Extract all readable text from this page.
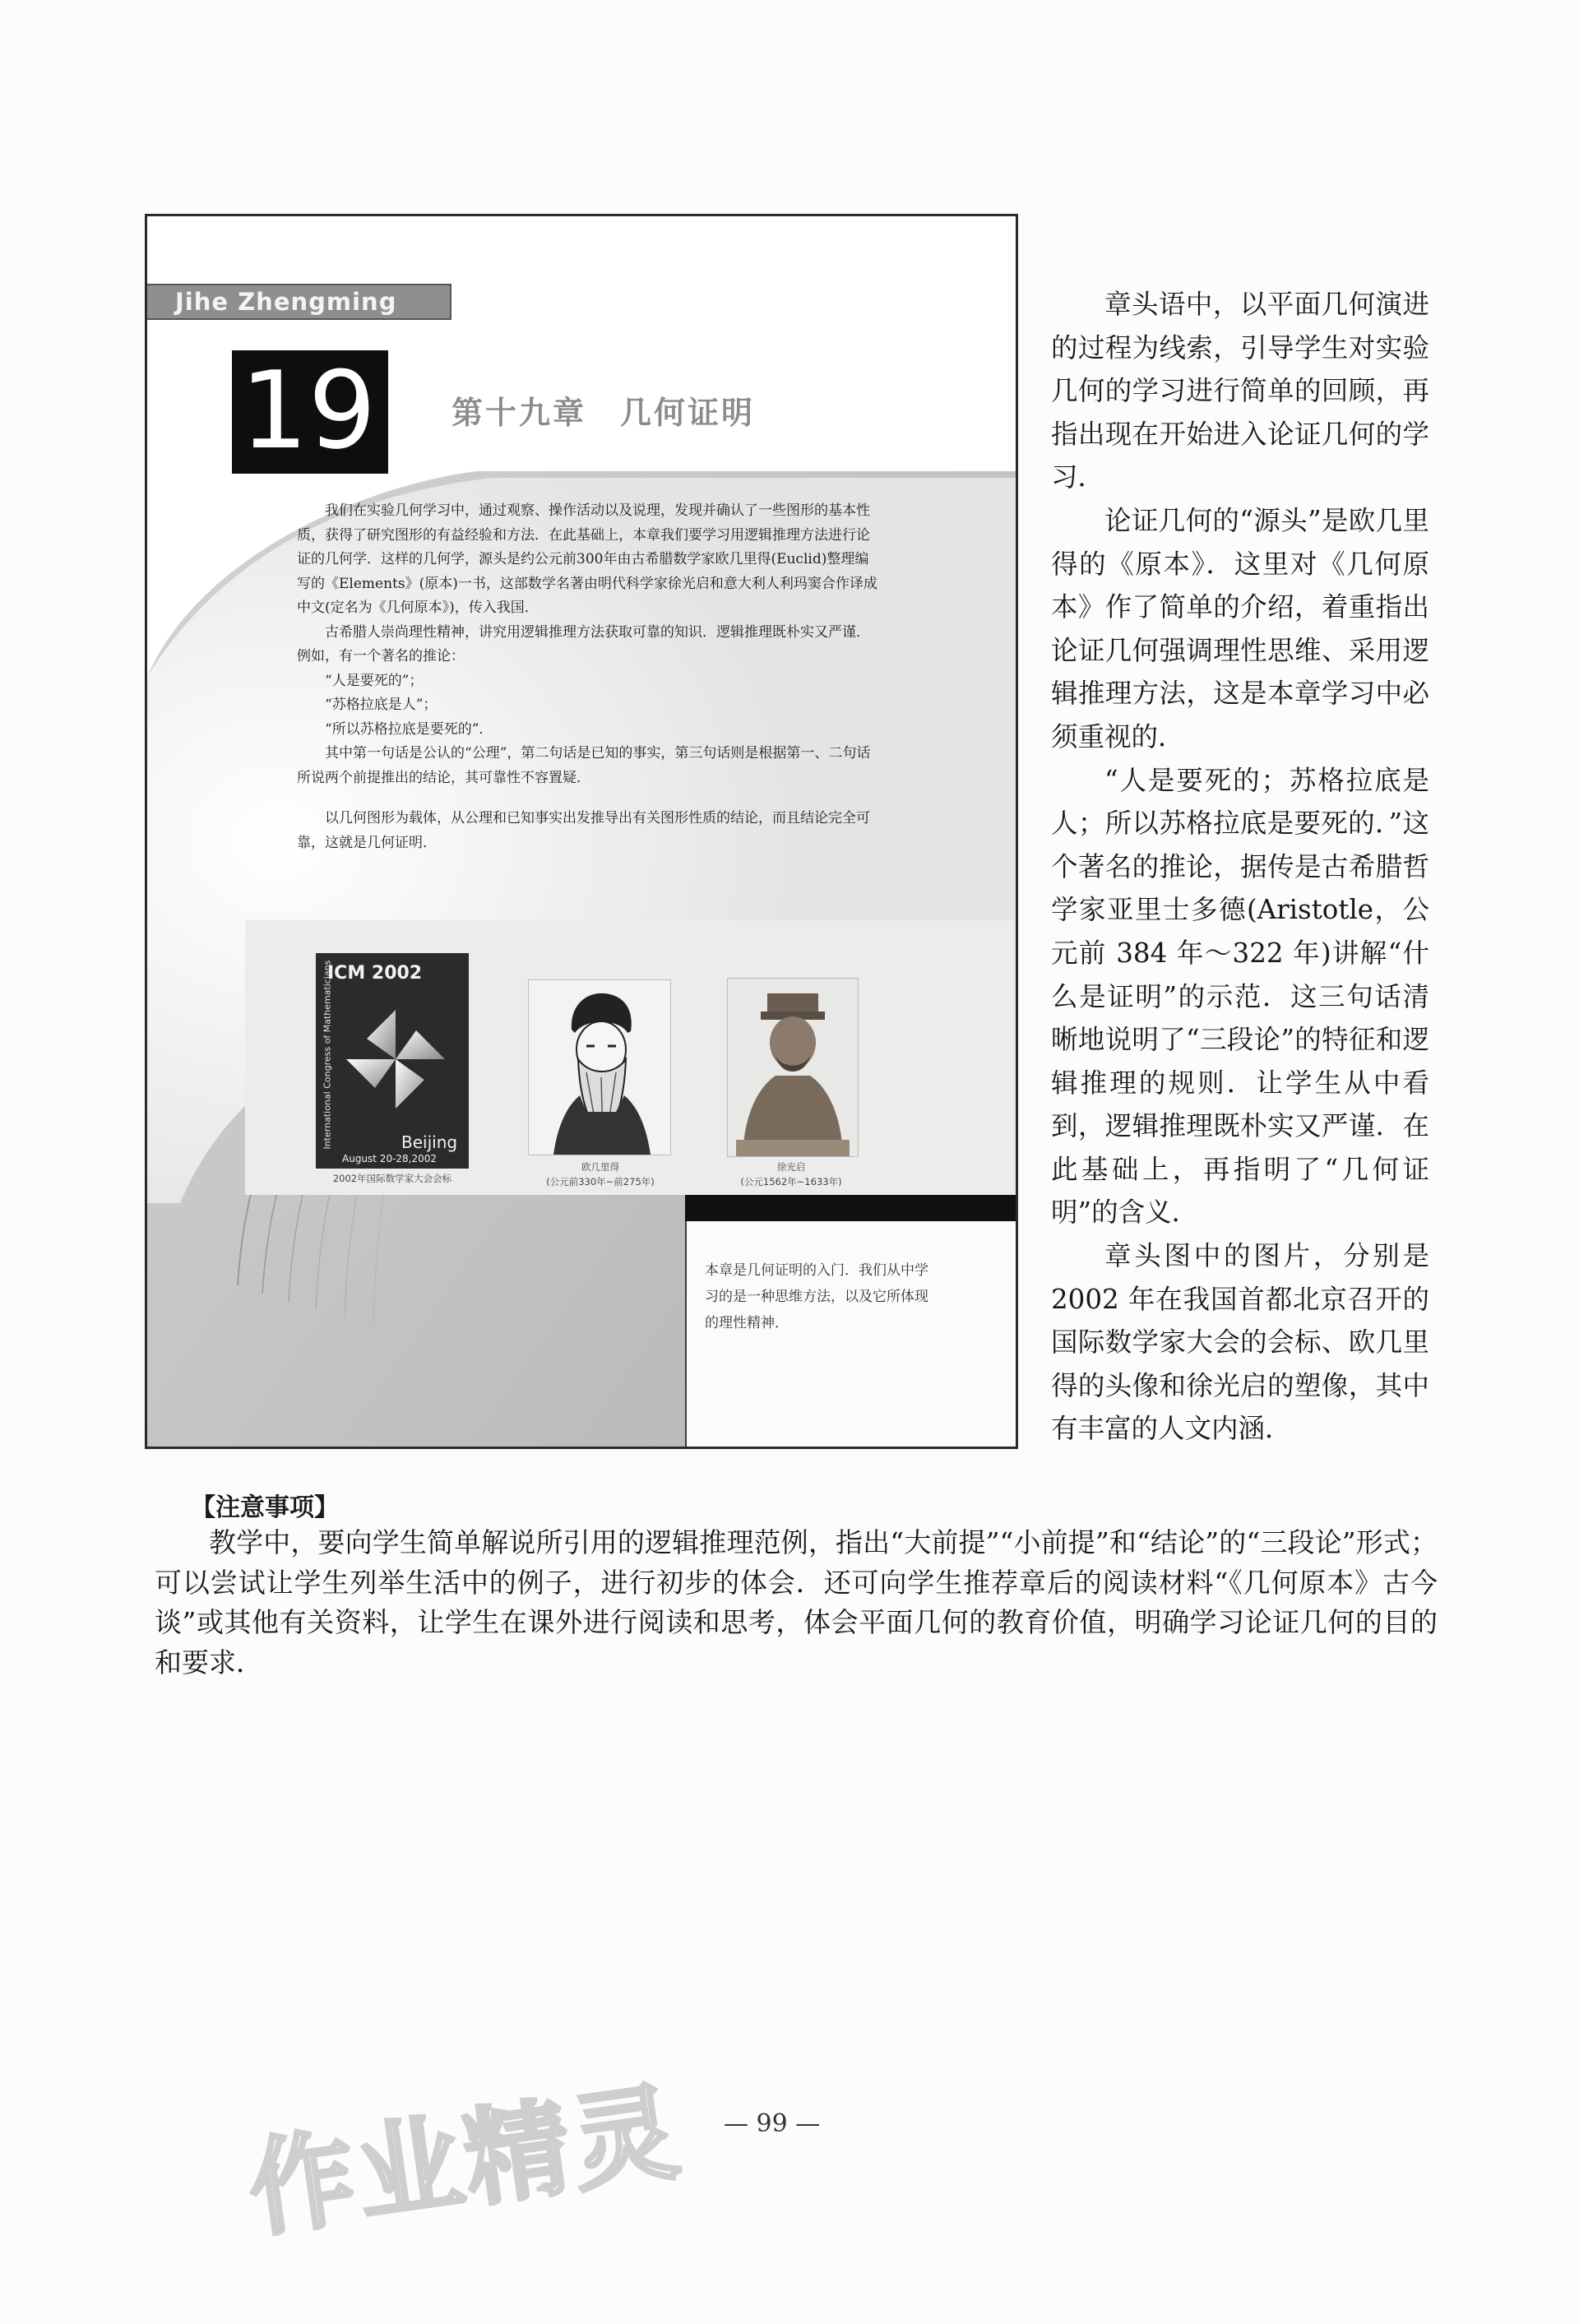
Jihe Zhengming
19 第十九章　几何证明

我们在实验几何学习中，通过观察、操作活动以及说理，发现并确认了一些图形的基本性质，获得了研究图形的有益经验和方法．在此基础上，本章我们要学习用逻辑推理方法进行论证的几何学．这样的几何学，源头是约公元前300年由古希腊数学家欧几里得(Euclid)整理编写的《Elements》(原本)一书，这部数学名著由明代科学家徐光启和意大利人利玛窦合作译成中文(定名为《几何原本》)，传入我国．

古希腊人崇尚理性精神，讲究用逻辑推理方法获取可靠的知识．逻辑推理既朴实又严谨．例如，有一个著名的推论：

“人是要死的”；

“苏格拉底是人”；

“所以苏格拉底是要死的”．

其中第一句话是公认的“公理”，第二句话是已知的事实，第三句话则是根据第一、二句话所说两个前提推出的结论，其可靠性不容置疑．

以几何图形为载体，从公理和已知事实出发推导出有关图形性质的结论，而且结论完全可靠，这就是几何证明．

ICM 2002
International Congress of Mathematicians	Beijing
August 20-28,2002
2002年国际数学家大会会标
欧几里得
(公元前330年~前275年)
徐光启
(公元1562年~1633年)
本章是几何证明的入门．我们从中学习的是一种思维方法，以及它所体现的理性精神．

章头语中，以平面几何演进的过程为线索，引导学生对实验几何的学习进行简单的回顾，再指出现在开始进入论证几何的学习．

论证几何的“源头”是欧几里得的《原本》．这里对《几何原本》作了简单的介绍，着重指出论证几何强调理性思维、采用逻辑推理方法，这是本章学习中必须重视的．

“人是要死的；苏格拉底是人；所以苏格拉底是要死的．”这个著名的推论，据传是古希腊哲学家亚里士多德(Aristotle，公元前 384 年～322 年)讲解“什么是证明”的示范．这三句话清晰地说明了“三段论”的特征和逻辑推理的规则．让学生从中看到，逻辑推理既朴实又严谨．在此基础上，再指明了“几何证明”的含义．

章头图中的图片，分别是 2002 年在我国首都北京召开的国际数学家大会的会标、欧几里得的头像和徐光启的塑像，其中有丰富的人文内涵．

【注意事项】
教学中，要向学生简单解说所引用的逻辑推理范例，指出“大前提”“小前提”和“结论”的“三段论”形式；可以尝试让学生列举生活中的例子，进行初步的体会．还可向学生推荐章后的阅读材料“《几何原本》古今谈”或其他有关资料，让学生在课外进行阅读和思考，体会平面几何的教育价值，明确学习论证几何的目的和要求．
作业精灵 — 99 —
